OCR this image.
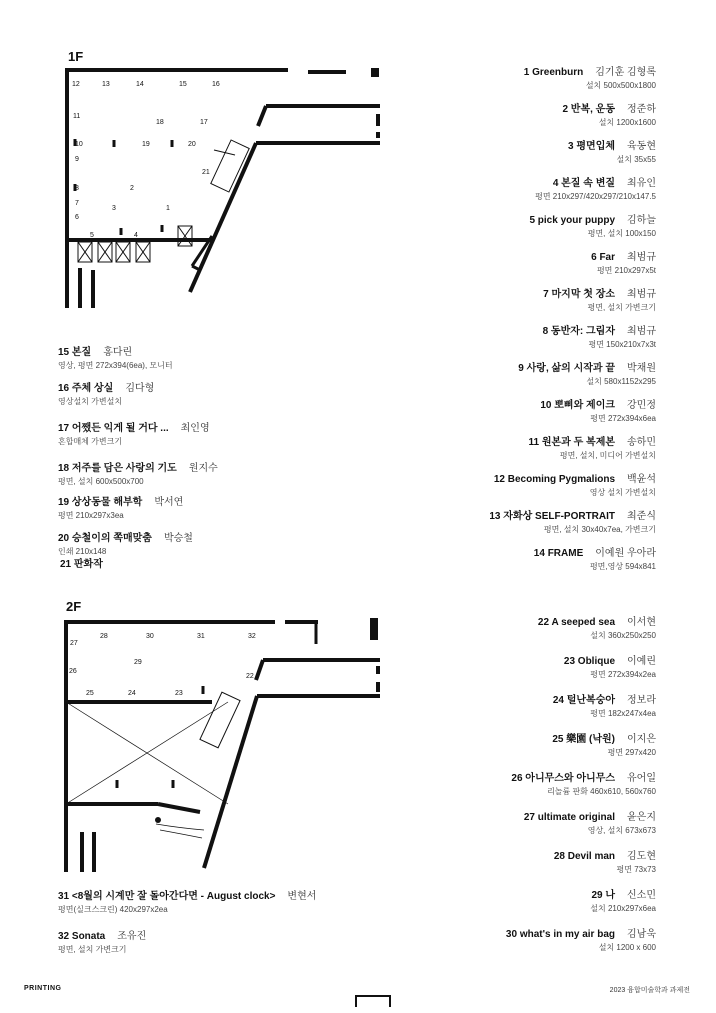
1F
12	13	14	15	16
11
18	17
10	19	20
9
21
8	2
7
3	1
6
5	4
1 Greenburn 김기훈 김형록
설치 500x500x1800
2 반복, 운동 정준하
설치 1200x1600
3 평면입체 육동현
설치 35x55
4 본질 속 변질 최유인
평면 210x297/420x297/210x147.5
5 pick your puppy 김하늘
평면, 설치 100x150
6 Far 최범규
평면 210x297x5t
7 마지막 첫 장소 최범규
평면, 설치 가변크기
8 동반자: 그림자 최범규
평면 150x210x7x3t
9 사랑, 삶의 시작과 끝 박채원
설치 580x1152x295
10 뽀삐와 제이크 강민정
평면 272x394x6ea
11 원본과 두 복제본 송하민
평면, 설치, 미디어 가변설치
12 Becoming Pygmalions 백윤석
영상 설치 가변설치
13 자화상 SELF-PORTRAIT 최준식
평면, 설치 30x40x7ea, 가변크기
14 FRAME 이예원 우아라
평면,영상 594x841
15 본질 홍다린
영상, 평면 272x394(6ea), 모니터
16 주체 상실 김다형
영상설치 가변설치
17 어쨌든 익게 될 거다 ... 최인영
혼합매체 가변크기
18 저주를 담은 사랑의 기도 원지수
평면, 설치 600x500x700
19 상상동물 해부학 박서연
평면 210x297x3ea
20 승철이의 쪽매맞춤 박승철
인쇄 210x148
21 판화작
2F
28	30	31	32
27
29
26
22
25	24	23
22 A seeped sea 이서현
설치 360x250x250
23 Oblique 이예린
평면 272x394x2ea
24 털난복숭아 정보라
평면 182x247x4ea
25 樂園 (낙원) 이지은
평면 297x420
26 아니무스와 아니무스 유어일
리놀륨 판화 460x610, 560x760
27 ultimate original 윤은지
영상, 설치 673x673
28 Devil man 김도현
평면 73x73
29 나 신소민
설치 210x297x6ea
30 what's in my air bag 김남욱
설치 1200 x 600
31 <8월의 시계만 잘 돌아간다면 - August clock> 변현서
평면(실크스크린) 420x297x2ea
32 Sonata 조유진
평면, 설치 가변크기
PRINTING	2023 융합미술학과 과제전
